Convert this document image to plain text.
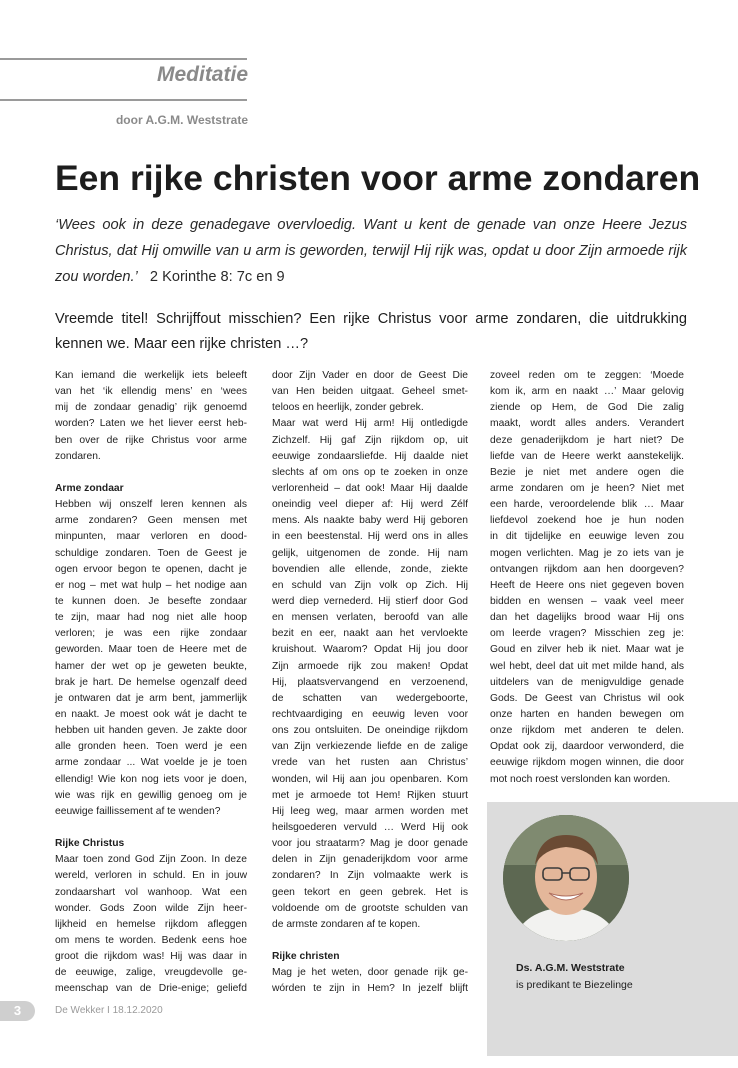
Meditatie
door A.G.M. Weststrate
Een rijke christen voor arme zondaren
‘Wees ook in deze genadegave overvloedig. Want u kent de genade van onze Heere Jezus Christus, dat Hij omwille van u arm is geworden, terwijl Hij rijk was, opdat u door Zijn armoede rijk zou worden.’ 2 Korinthe 8: 7c en 9
Vreemde titel! Schrijffout misschien? Een rijke Christus voor arme zondaren, die uitdrukking kennen we. Maar een rijke christen …?
Kan iemand die werkelijk iets beleeft
van het ‘ik ellendig mens’ en ‘wees
mij de zondaar genadig’ rijk genoemd
worden? Laten we het liever eerst heb-
ben over de rijke Christus voor arme
zondaren.
Arme zondaar
Hebben wij onszelf leren kennen als
arme zondaren? Geen mensen met
minpunten, maar verloren en dood-
schuldige zondaren. Toen de Geest je
ogen ervoor begon te openen, dacht je
er nog – met wat hulp – het nodige aan
te kunnen doen. Je besefte zondaar
te zijn, maar had nog niet alle hoop
verloren; je was een rijke zondaar
geworden. Maar toen de Heere met de
hamer der wet op je geweten beukte,
brak je hart. De hemelse ogenzalf deed
je ontwaren dat je arm bent, jammerlijk
en naakt. Je moest ook wát je dacht te
hebben uit handen geven. Je zakte door
alle gronden heen. Toen werd je een
arme zondaar ... Wat voelde je je toen
ellendig! Wie kon nog iets voor je doen,
wie was rijk en gewillig genoeg om je
eeuwige faillissement af te wenden?
Rijke Christus
Maar toen zond God Zijn Zoon. In deze
wereld, verloren in schuld. En in jouw
zondaarshart vol wanhoop. Wat een
wonder. Gods Zoon wilde Zijn heer-
lijkheid en hemelse rijkdom afleggen
om mens te worden. Bedenk eens hoe
groot die rijkdom was! Hij was daar in
de eeuwige, zalige, vreugdevolle ge-
meenschap van de Drie-enige; geliefd
door Zijn Vader en door de Geest Die
van Hen beiden uitgaat. Geheel smet-
teloos en heerlijk, zonder gebrek.
Maar wat werd Hij arm! Hij ontledigde
Zichzelf. Hij gaf Zijn rijkdom op, uit
eeuwige zondaarsliefde. Hij daalde niet
slechts af om ons op te zoeken in onze
verlorenheid – dat ook! Maar Hij daalde
oneindig veel dieper af: Hij werd Zélf
mens. Als naakte baby werd Hij geboren
in een beestenstal. Hij werd ons in alles
gelijk, uitgenomen de zonde. Hij nam
bovendien alle ellende, zonde, ziekte
en schuld van Zijn volk op Zich. Hij
werd diep vernederd. Hij stierf door God
en mensen verlaten, beroofd van alle
bezit en eer, naakt aan het vervloekte
kruishout. Waarom? Opdat Hij jou door
Zijn armoede rijk zou maken! Opdat
Hij, plaatsvervangend en verzoenend,
de schatten van wedergeboorte,
rechtvaardiging en eeuwig leven voor
ons zou ontsluiten. De oneindige rijkdom
van Zijn verkiezende liefde en de zalige
vrede van het rusten aan Christus’
wonden, wil Hij aan jou openbaren. Kom
met je armoede tot Hem! Rijken stuurt
Hij leeg weg, maar armen worden met
heilsgoederen vervuld … Werd Hij ook
voor jou straatarm? Mag je door genade
delen in Zijn genaderijkdom voor arme
zondaren? In Zijn volmaakte werk is
geen tekort en geen gebrek. Het is
voldoende om de grootste schulden van
de armste zondaren af te kopen.
Rijke christen
Mag je het weten, door genade rijk ge-
wórden te zijn in Hem? In jezelf blijft
zoveel reden om te zeggen: ‘Moede
kom ik, arm en naakt …’ Maar gelovig
ziende op Hem, de God Die zalig
maakt, wordt alles anders. Verandert
deze genaderijkdom je hart niet? De
liefde van de Heere werkt aanstekelijk.
Bezie je niet met andere ogen die
arme zondaren om je heen? Niet met
een harde, veroordelende blik … Maar
liefdevol zoekend hoe je hun noden
in dit tijdelijke en eeuwige leven zou
mogen verlichten. Mag je zo iets van je
ontvangen rijkdom aan hen doorgeven?
Heeft de Heere ons niet gegeven boven
bidden en wensen – vaak veel meer
dan het dagelijks brood waar Hij ons
om leerde vragen? Misschien zeg je:
Goud en zilver heb ik niet. Maar wat je
wel hebt, deel dat uit met milde hand, als
uitdelers van de menigvuldige genade
Gods. De Geest van Christus wil ook
onze harten en handen bewegen om
onze rijkdom met anderen te delen.
Opdat ook zij, daardoor verwonderd, die
eeuwige rijkdom mogen winnen, die door
mot noch roest verslonden kan worden.
Ds. A.G.M. Weststrate
is predikant te Biezelinge
3	De Wekker I 18.12.2020
